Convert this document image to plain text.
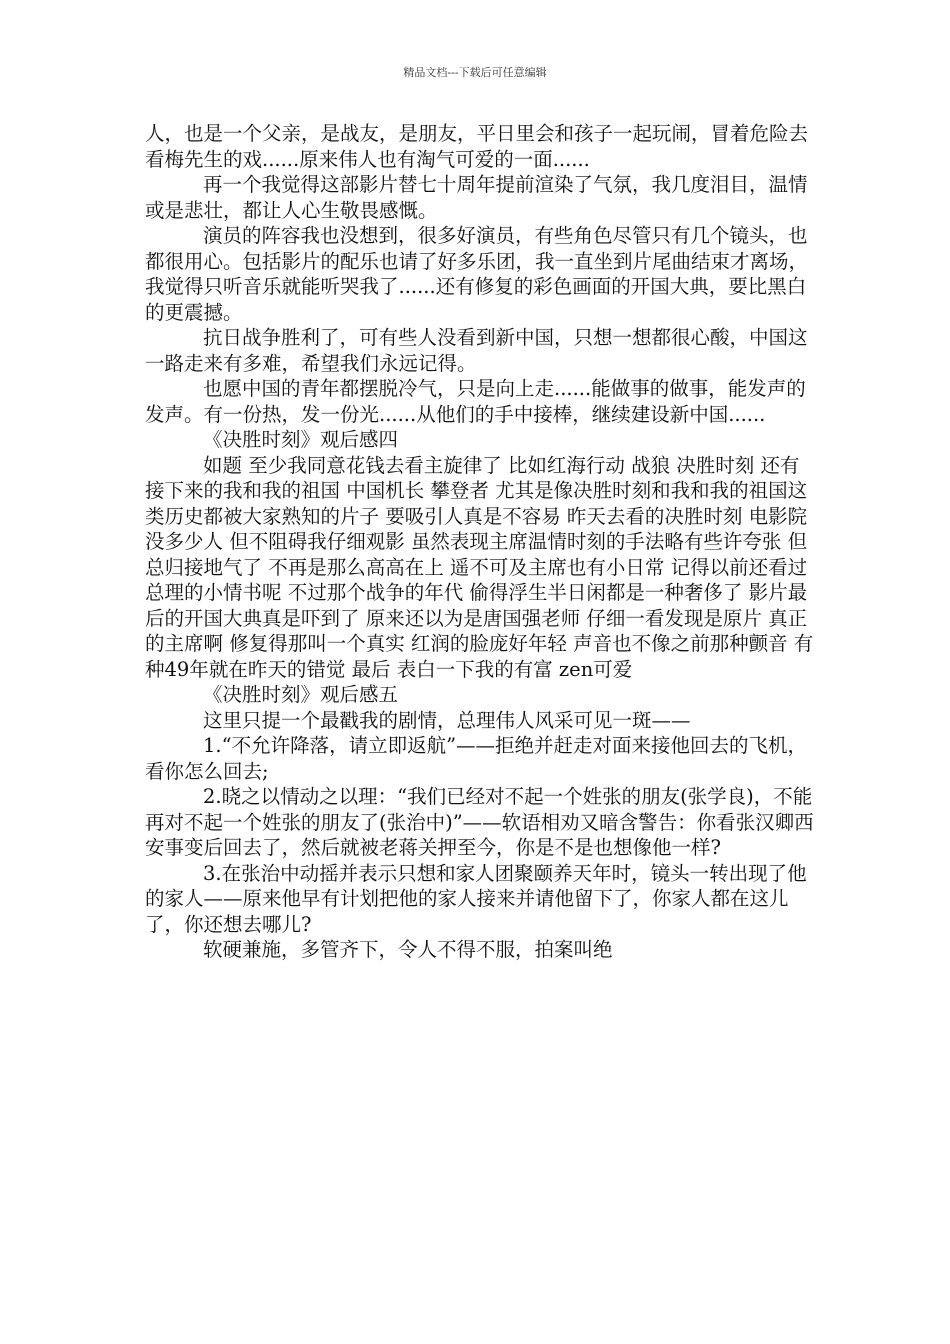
精品文档---下载后可任意编辑

人，也是一个父亲，是战友，是朋友，平日里会和孩子一起玩闹，冒着危险去看梅先生的戏......原来伟人也有淘气可爱的一面......

再一个我觉得这部影片替七十周年提前渲染了气氛，我几度泪目，温情或是悲壮，都让人心生敬畏感慨。

演员的阵容我也没想到，很多好演员，有些角色尽管只有几个镜头，也都很用心。包括影片的配乐也请了好多乐团，我一直坐到片尾曲结束才离场，我觉得只听音乐就能听哭我了......还有修复的彩色画面的开国大典，要比黑白的更震撼。

抗日战争胜利了，可有些人没看到新中国，只想一想都很心酸，中国这一路走来有多难，希望我们永远记得。

也愿中国的青年都摆脱冷气，只是向上走......能做事的做事，能发声的发声。有一份热，发一份光......从他们的手中接棒，继续建设新中国......

《决胜时刻》观后感四

如题 至少我同意花钱去看主旋律了 比如红海行动 战狼 决胜时刻 还有接下来的我和我的祖国 中国机长 攀登者 尤其是像决胜时刻和我和我的祖国这类历史都被大家熟知的片子 要吸引人真是不容易 昨天去看的决胜时刻 电影院没多少人 但不阻碍我仔细观影 虽然表现主席温情时刻的手法略有些许夸张 但总归接地气了 不再是那么高高在上 遥不可及主席也有小日常 记得以前还看过总理的小情书呢 不过那个战争的年代 偷得浮生半日闲都是一种奢侈了 影片最后的开国大典真是吓到了 原来还以为是唐国强老师 仔细一看发现是原片 真正的主席啊 修复得那叫一个真实 红润的脸庞好年轻 声音也不像之前那种颤音 有种49年就在昨天的错觉 最后 表白一下我的有富 zen可爱

《决胜时刻》观后感五

这里只提一个最戳我的剧情，总理伟人风采可见一斑——

1.“不允许降落，请立即返航”——拒绝并赶走对面来接他回去的飞机，看你怎么回去;

2.晓之以情动之以理：“我们已经对不起一个姓张的朋友(张学良)，不能再对不起一个姓张的朋友了(张治中)”——软语相劝又暗含警告：你看张汉卿西安事变后回去了，然后就被老蒋关押至今，你是不是也想像他一样?

3.在张治中动摇并表示只想和家人团聚颐养天年时，镜头一转出现了他的家人——原来他早有计划把他的家人接来并请他留下了，你家人都在这儿了，你还想去哪儿?

软硬兼施，多管齐下，令人不得不服，拍案叫绝
